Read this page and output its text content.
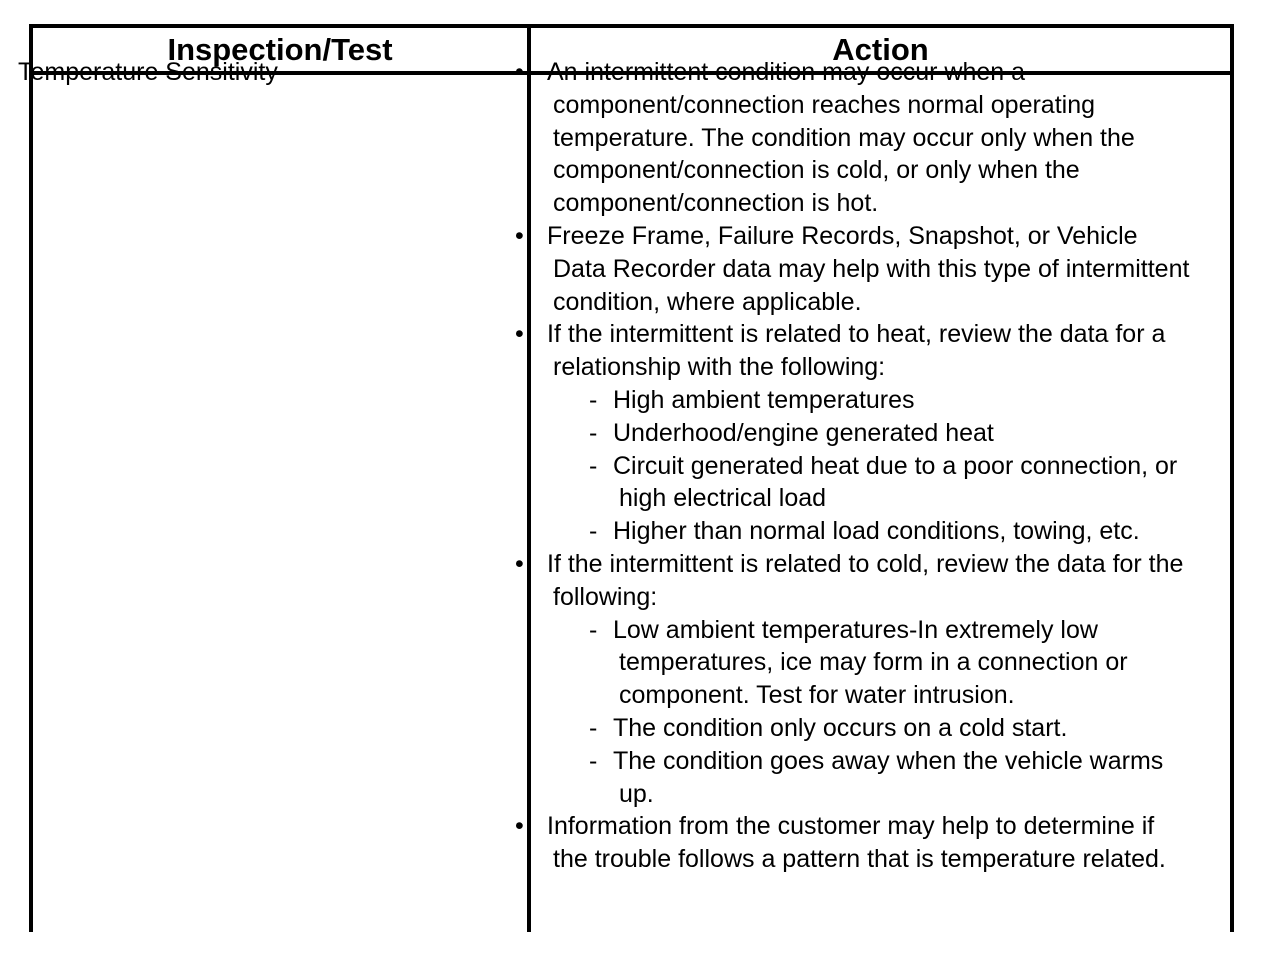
Inspection/Test	Action
Temperature Sensitivity	• An intermittent condition may occur when a component/connection reaches normal operating temperature. The condition may occur only when the component/connection is cold, or only when the component/connection is hot.
• Freeze Frame, Failure Records, Snapshot, or Vehicle Data Recorder data may help with this type of intermittent condition, where applicable.
• If the intermittent is related to heat, review the data for a relationship with the following:
- High ambient temperatures
- Underhood/engine generated heat
- Circuit generated heat due to a poor connection, or high electrical load
- Higher than normal load conditions, towing, etc.
• If the intermittent is related to cold, review the data for the following:
- Low ambient temperatures-In extremely low temperatures, ice may form in a connection or component. Test for water intrusion.
- The condition only occurs on a cold start.
- The condition goes away when the vehicle warms up.
• Information from the customer may help to determine if the trouble follows a pattern that is temperature related.
